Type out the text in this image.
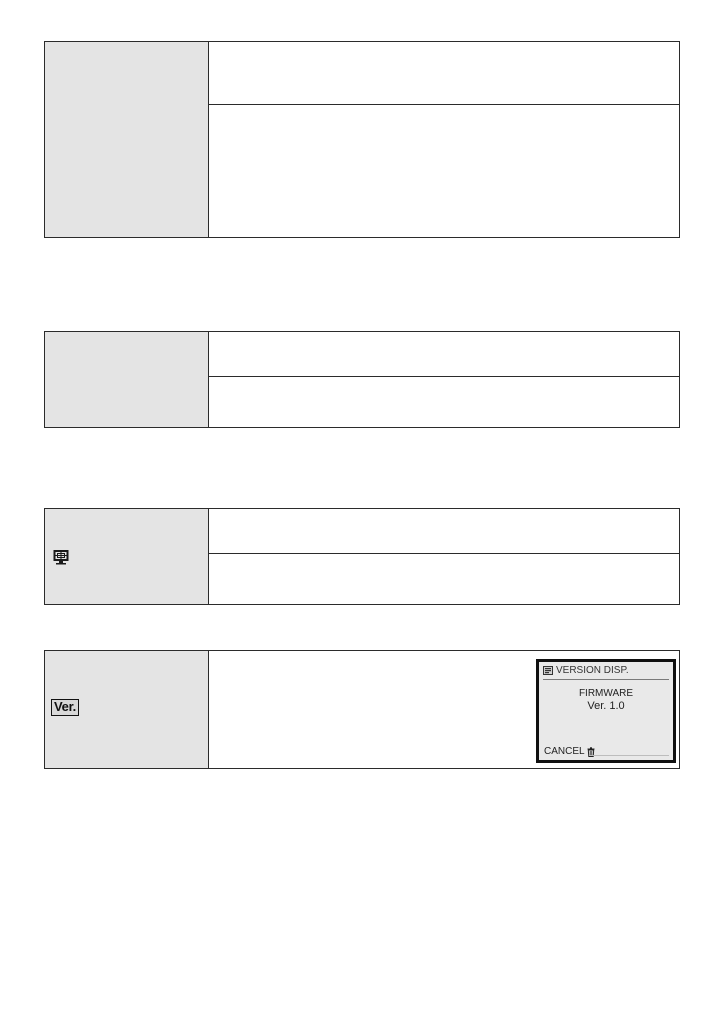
Ver.
VERSION DISP.
FIRMWARE
Ver. 1.0
CANCEL
